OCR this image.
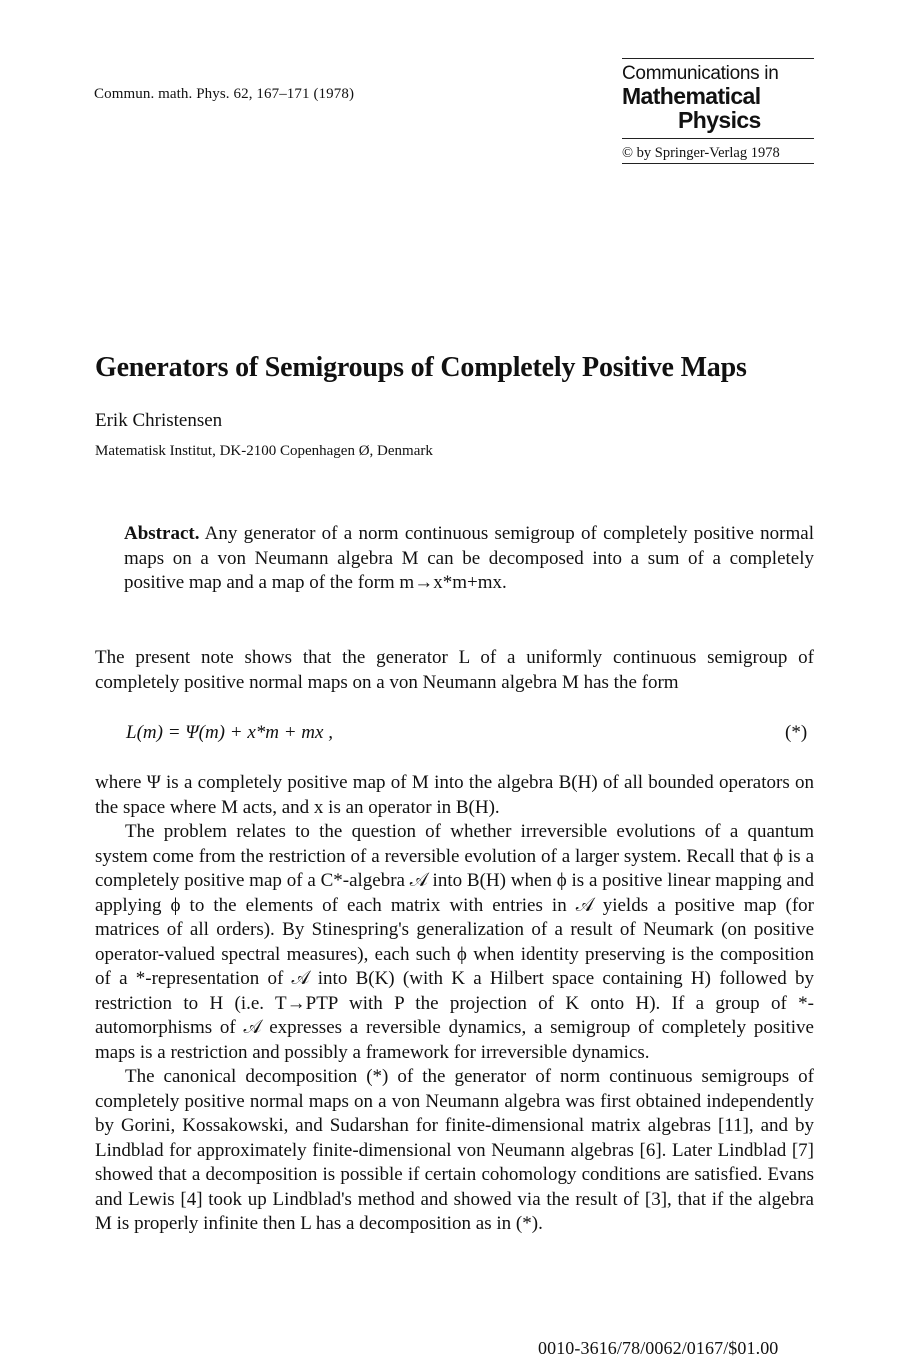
Commun. math. Phys. 62, 167–171 (1978)
Communications in
Mathematical
Physics
© by Springer-Verlag 1978
Generators of Semigroups of Completely Positive Maps
Erik Christensen
Matematisk Institut, DK-2100 Copenhagen Ø, Denmark
Abstract. Any generator of a norm continuous semigroup of completely positive normal maps on a von Neumann algebra M can be decomposed into a sum of a completely positive map and a map of the form m→x*m+mx.

The present note shows that the generator L of a uniformly continuous semigroup of completely positive normal maps on a von Neumann algebra M has the form

L(m) = Ψ(m) + x*m + mx ,	(*)

where Ψ is a completely positive map of M into the algebra B(H) of all bounded operators on the space where M acts, and x is an operator in B(H).

The problem relates to the question of whether irreversible evolutions of a quantum system come from the restriction of a reversible evolution of a larger system. Recall that ϕ is a completely positive map of a C*-algebra 𝒜 into B(H) when ϕ is a positive linear mapping and applying ϕ to the elements of each matrix with entries in 𝒜 yields a positive map (for matrices of all orders). By Stinespring's generalization of a result of Neumark (on positive operator-valued spectral measures), each such ϕ when identity preserving is the composition of a *-representation of 𝒜 into B(K) (with K a Hilbert space containing H) followed by restriction to H (i.e. T→PTP with P the projection of K onto H). If a group of *-automorphisms of 𝒜 expresses a reversible dynamics, a semigroup of completely positive maps is a restriction and possibly a framework for irreversible dynamics.

The canonical decomposition (*) of the generator of norm continuous semigroups of completely positive normal maps on a von Neumann algebra was first obtained independently by Gorini, Kossakowski, and Sudarshan for finite-dimensional matrix algebras [11], and by Lindblad for approximately finite-dimensional von Neumann algebras [6]. Later Lindblad [7] showed that a decomposition is possible if certain cohomology conditions are satisfied. Evans and Lewis [4] took up Lindblad's method and showed via the result of [3], that if the algebra M is properly infinite then L has a decomposition as in (*).

0010-3616/78/0062/0167/$01.00
